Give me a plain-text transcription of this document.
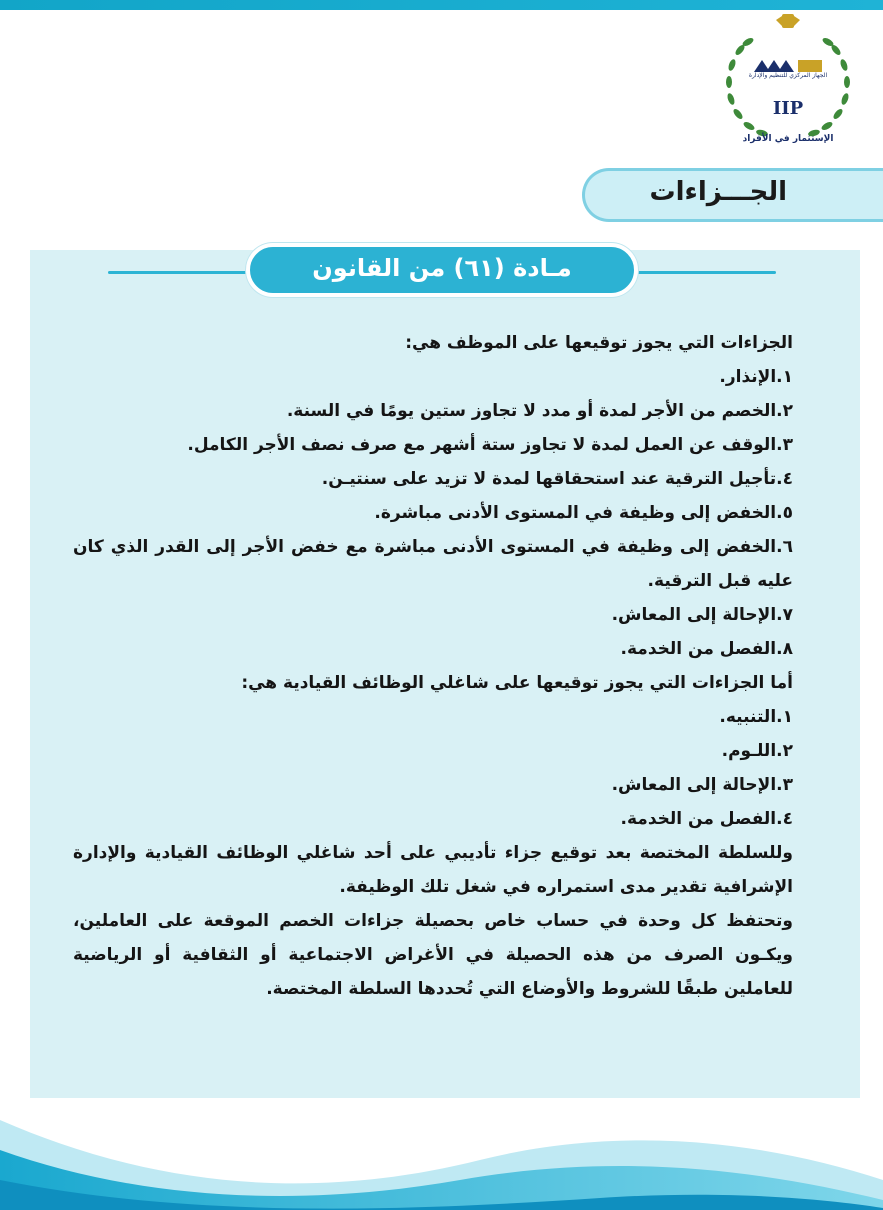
IIP
الجهاز المركزي للتنظيم والإدارة
الإستثمار في الأفراد
الجـــزاءات
مـادة (٦١) من القانون

الجزاءات التي يجوز توقيعها على الموظف هي:

١.الإنذار.

٢.الخصم من الأجر لمدة أو مدد لا تجاوز ستين يومًا في السنة.

٣.الوقف عن العمل لمدة لا تجاوز ستة أشهر مع صرف نصف الأجر الكامل.

٤.تأجيل الترقية عند استحقاقها لمدة لا تزيد على سنتيـن.

٥.الخفض إلى وظيفة في المستوى الأدنى مباشرة.

٦.الخفض إلى وظيفة في المستوى الأدنى مباشرة مع خفض الأجر إلى القدر الذي كان عليه قبل الترقية.

٧.الإحالة إلى المعاش.

٨.الفصل من الخدمة.

أما الجزاءات التي يجوز توقيعها على شاغلي الوظائف القيادية هي:

١.التنبيه.

٢.اللـوم.

٣.الإحالة إلى المعاش.

٤.الفصل من الخدمة.

وللسلطة المختصة بعد توقيع جزاء تأديبي على أحد شاغلي الوظائف القيادية والإدارة الإشرافية تقدير مدى استمراره في شغل تلك الوظيفة.

وتحتفظ كل وحدة في حساب خاص بحصيلة جزاءات الخصم الموقعة على العاملين، ويكـون الصرف من هذه الحصيلة في الأغراض الاجتماعية أو الثقافية أو الرياضية للعاملين طبقًا للشروط والأوضاع التي تُحددها السلطة المختصة.
